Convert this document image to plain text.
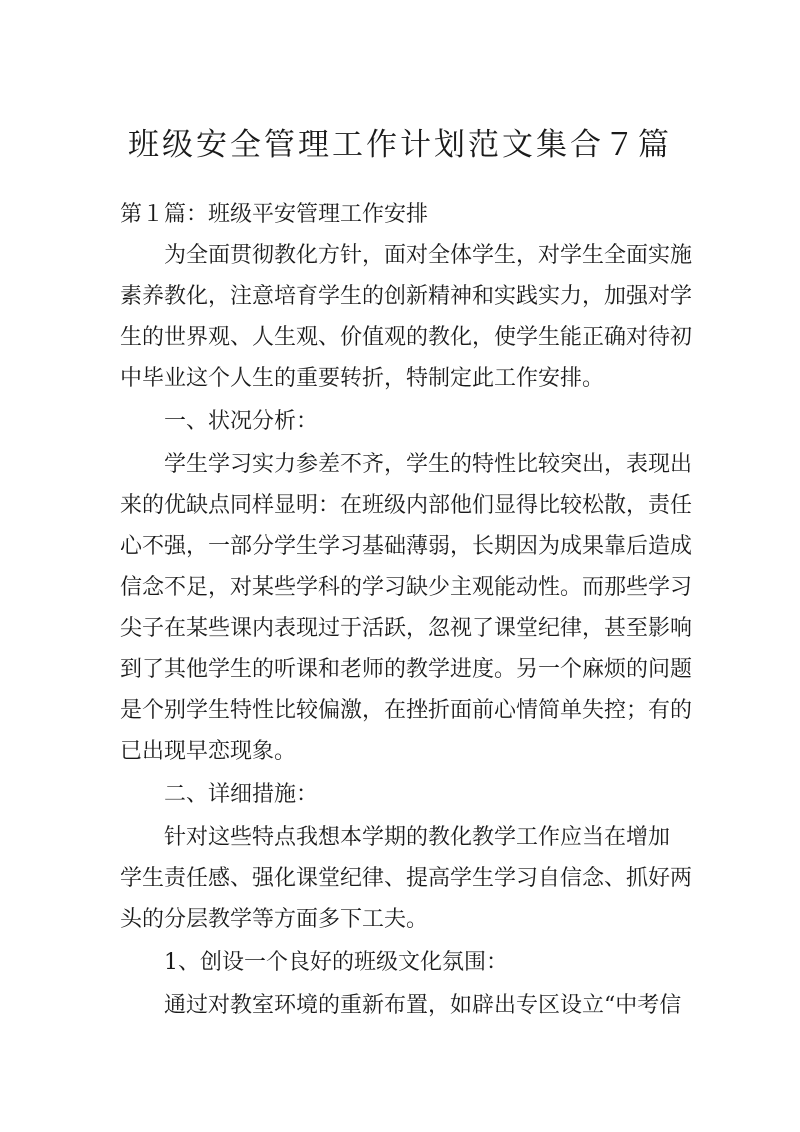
班级安全管理工作计划范文集合７篇

第１篇：班级平安管理工作安排

为全面贯彻教化方针，面对全体学生，对学生全面实施

素养教化，注意培育学生的创新精神和实践实力，加强对学

生的世界观、人生观、价值观的教化，使学生能正确对待初

中毕业这个人生的重要转折，特制定此工作安排。

一、状况分析：

学生学习实力参差不齐，学生的特性比较突出，表现出

来的优缺点同样显明：在班级内部他们显得比较松散，责任

心不强，一部分学生学习基础薄弱，长期因为成果靠后造成

信念不足，对某些学科的学习缺少主观能动性。而那些学习

尖子在某些课内表现过于活跃，忽视了课堂纪律，甚至影响

到了其他学生的听课和老师的教学进度。另一个麻烦的问题

是个别学生特性比较偏激，在挫折面前心情简单失控；有的

已出现早恋现象。

二、详细措施：

针对这些特点我想本学期的教化教学工作应当在增加

学生责任感、强化课堂纪律、提高学生学习自信念、抓好两

头的分层教学等方面多下工夫。

1、创设一个良好的班级文化氛围：

通过对教室环境的重新布置，如辟出专区设立“中考信
